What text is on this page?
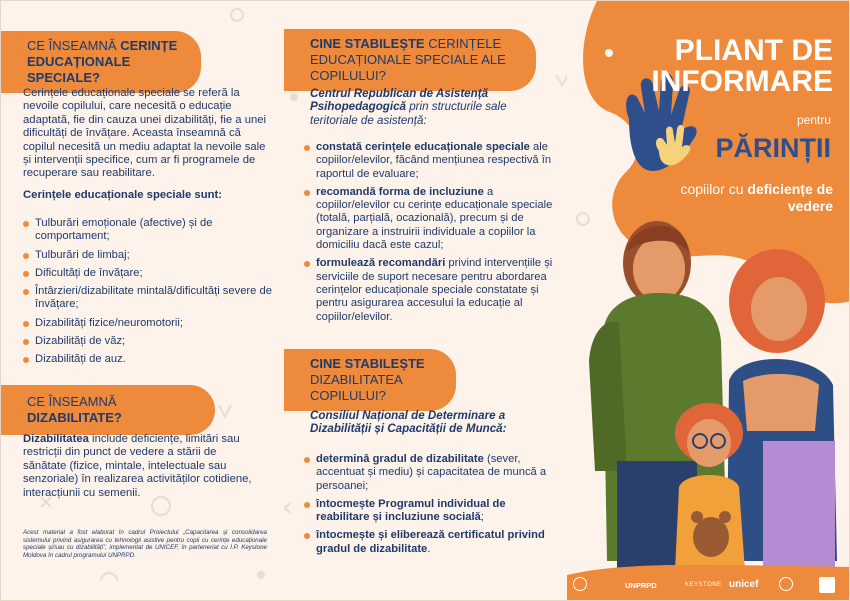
CE ÎNSEAMNĂ CERINȚE EDUCAȚIONALE SPECIALE?
Cerințele educaționale speciale se referă la nevoile copilului, care necesită o educație adaptată, fie din cauza unei dizabilități, fie a unei dificultăți de învățare. Aceasta înseamnă că copilul necesită un mediu adaptat la nevoile sale și intervenții specifice, cum ar fi programele de recuperare sau reabilitare.
Cerințele educaționale speciale sunt:
Tulburări emoționale (afective) și de comportament;
Tulburări de limbaj;
Dificultăți de învățare;
Întârzieri/dizabilitate mintală/dificultăți severe de învățare;
Dizabilități fizice/neuromotorii;
Dizabilități de văz;
Dizabilități de auz.
CE ÎNSEAMNĂ DIZABILITATE?
Dizabilitatea include deficiențe, limitări sau restricții din punct de vedere a stării de sănătate (fizice, mintale, intelectuale sau senzoriale) în realizarea activităților cotidiene, interacțiunii cu semenii.
Acest material a fost elaborat în cadrul Proiectului „Capacitarea și consolidarea sistemului privind asigurarea cu tehnologii asistive pentru copii cu cerințe educaționale speciale și/sau cu dizabilități”, implementat de UNICEF, în parteneriat cu I.P. Keystone Moldova în cadrul programului UNPRPD.
CINE STABILEȘTE CERINȚELE EDUCAȚIONALE SPECIALE ALE COPILULUI?
Centrul Republican de Asistență Psihopedagogică prin structurile sale teritoriale de asistență:
constată cerințele educaționale speciale ale copiilor/elevilor, făcând mențiunea respectivă în raportul de evaluare;
recomandă forma de incluziune a copiilor/elevilor cu cerințe educaționale speciale (totală, parțială, ocazională), precum și de organizare a instruirii individuale a copiilor la domiciliu dacă este cazul;
formulează recomandări privind intervențiile și serviciile de suport necesare pentru abordarea cerințelor educaționale speciale constatate și pentru asigurarea accesului la educație al copiilor/elevilor.
CINE STABILEȘTE DIZABILITATEA COPILULUI?
Consiliul Național de Determinare a Dizabilității și Capacității de Muncă:
determină gradul de dizabilitate (sever, accentuat și mediu) și capacitatea de muncă a persoanei;
întocmește Programul individual de reabilitare și incluziune socială;
întocmește și eliberează certificatul privind gradul de dizabilitate.
PLIANT DE
INFORMARE
pentru
PĂRINȚII
copiilor cu deficiențe de vedere
UNPRPD	KEYSTONE unicef
